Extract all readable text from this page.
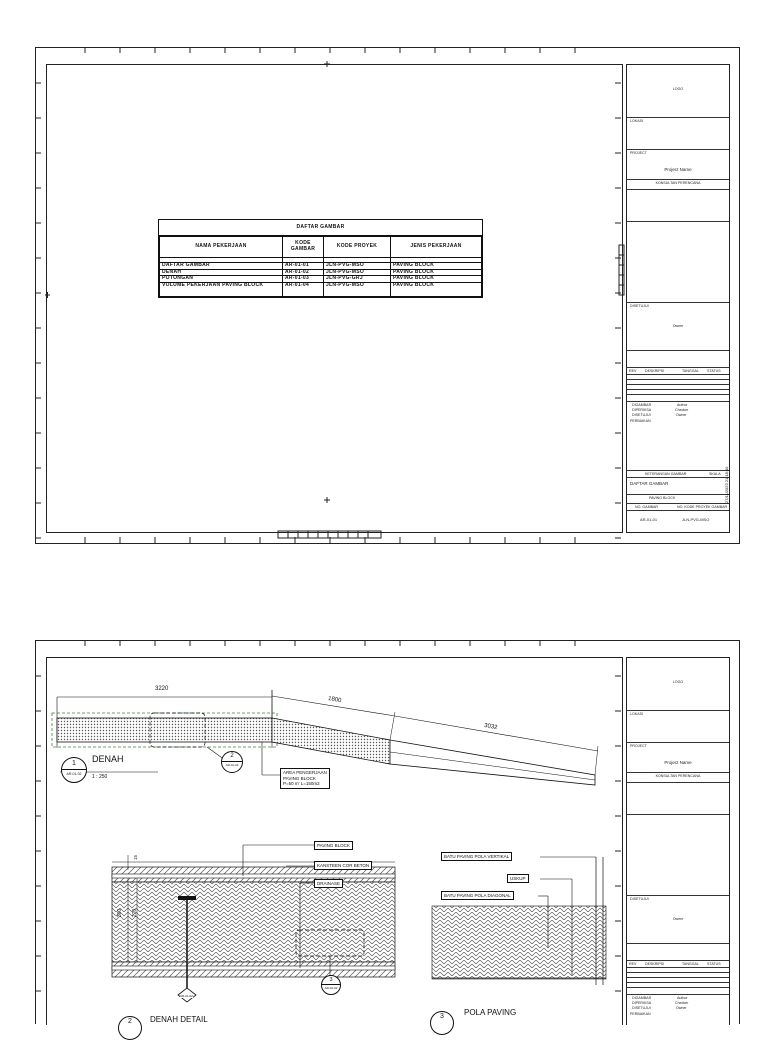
LOGO
LOKASI
PROJECT
Project Name
KONSULTAN PERENCANA
DISETUJUI
Owner
REV DESKRIPSI	TANGGAL STATUS
DIGAMBAR	Author
DIPERIKSA	Checker
DISETUJUI	Owner
PERBAIKAN
KETERANGAN GAMBAR	SKALA
DAFTAR GAMBAR
PAVING BLOCK
NO. GAMBAR	NO. KODE PROYEK GAMBAR
AR-01-01	JLN-PVG-MSO
27/11/2023 21:18:10
DAFTAR GAMBAR
NAMA PEKERJAAN	KODE GAMBAR	KODE PROYEK	JENIS PEKERJAAN

DAFTAR GAMBAR	AR-01-01	JLN-PVG-MSO	PAVING BLOCK
DENAH	AR-01-02	JLN-PVG-MSO	PAVING BLOCK
POTONGAN	AR-01-03	JLN-PVG-GRJ	PAVING BLOCK
VOLUME PEKERJAAN PAVING BLOCK	AR-01-04	JLN-PVG-MSO	PAVING BLOCK
LOGO
LOKASI
PROJECT
Project Name
KONSULTAN PERENCANA
DISETUJUI
Owner
REV DESKRIPSI	TANGGAL STATUS
DIGAMBAR	Author
DIPERIKSA	Checker
DISETUJUI	Owner
PERBAIKAN
3220
1800
3032
1
AR-01-02
DENAH
1 : 250
2
AR-01-02
AREA PENGERJAAN
PAVING BLOCK
P=50 m' L=150m2
PAVING BLOCK
KANSTEEN COR BETON
DRAINASE
300 270
15
3
AR-01-02
AR-01-02
2	DENAH DETAIL
BATU PAVING POLA VERTIKAL
USKUP
BATU PAVING POLA DIAGONAL
3	POLA PAVING
